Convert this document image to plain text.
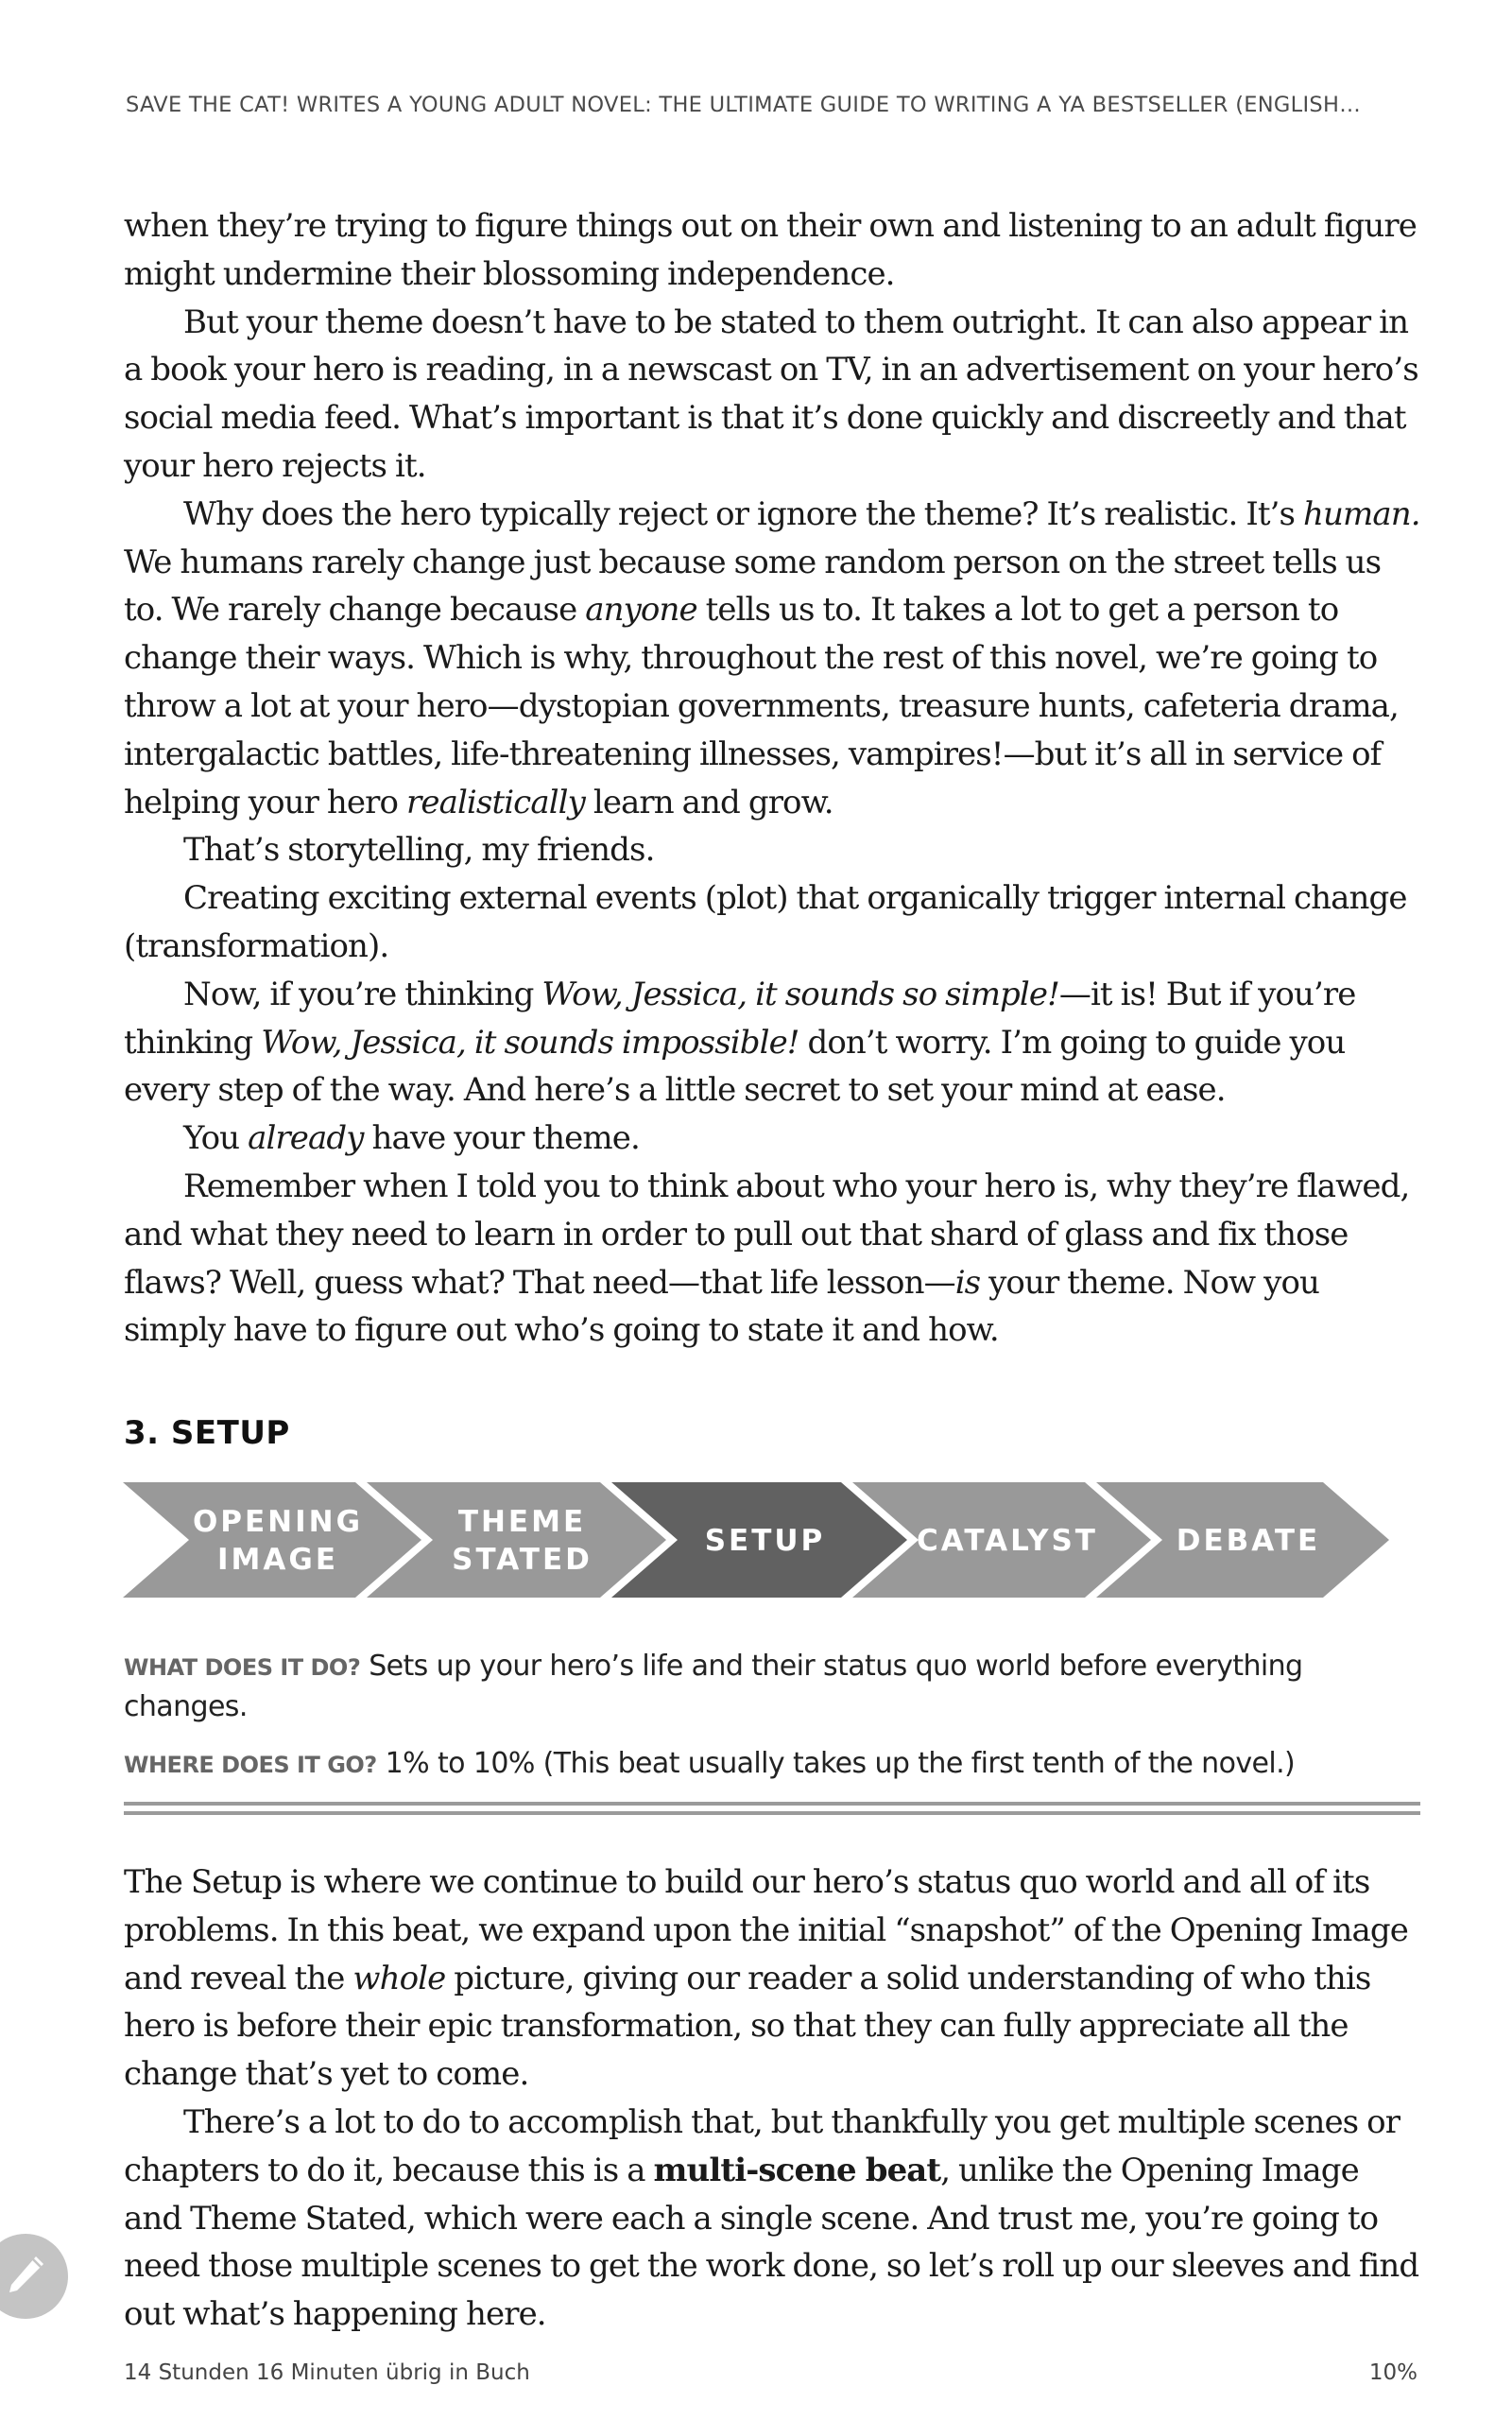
SAVE THE CAT! WRITES A YOUNG ADULT NOVEL: THE ULTIMATE GUIDE TO WRITING A YA BESTSELLER (ENGLISH…

when they’re trying to figure things out on their own and listening to an adult figure might undermine their blossoming independence.

But your theme doesn’t have to be stated to them outright. It can also appear in a book your hero is reading, in a newscast on TV, in an advertisement on your hero’s social media feed. What’s important is that it’s done quickly and discreetly and that your hero rejects it.

Why does the hero typically reject or ignore the theme? It’s realistic. It’s human. We humans rarely change just because some random person on the street tells us to. We rarely change because anyone tells us to. It takes a lot to get a person to change their ways. Which is why, throughout the rest of this novel, we’re going to throw a lot at your hero—dystopian governments, treasure hunts, cafeteria drama, intergalactic battles, life-threatening illnesses, vampires!—but it’s all in service of helping your hero realistically learn and grow.

That’s storytelling, my friends.

Creating exciting external events (plot) that organically trigger internal change (transformation).

Now, if you’re thinking Wow, Jessica, it sounds so simple!—it is! But if you’re thinking Wow, Jessica, it sounds impossible! don’t worry. I’m going to guide you every step of the way. And here’s a little secret to set your mind at ease.

You already have your theme.

Remember when I told you to think about who your hero is, why they’re flawed, and what they need to learn in order to pull out that shard of glass and fix those flaws? Well, guess what? That need—that life lesson—is your theme. Now you simply have to figure out who’s going to state it and how.

3. SETUP
OPENING
IMAGE
THEME
STATED
SETUP	CATALYST	DEBATE
WHAT DOES IT DO? Sets up your hero’s life and their status quo world before everything changes.
WHERE DOES IT GO? 1% to 10% (This beat usually takes up the first tenth of the novel.)

The Setup is where we continue to build our hero’s status quo world and all of its problems. In this beat, we expand upon the initial “snapshot” of the Opening Image and reveal the whole picture, giving our reader a solid understanding of who this hero is before their epic transformation, so that they can fully appreciate all the change that’s yet to come.

There’s a lot to do to accomplish that, but thankfully you get multiple scenes or chapters to do it, because this is a multi-scene beat, unlike the Opening Image and Theme Stated, which were each a single scene. And trust me, you’re going to need those multiple scenes to get the work done, so let’s roll up our sleeves and find out what’s happening here.

14 Stunden 16 Minuten übrig in Buch	10%
